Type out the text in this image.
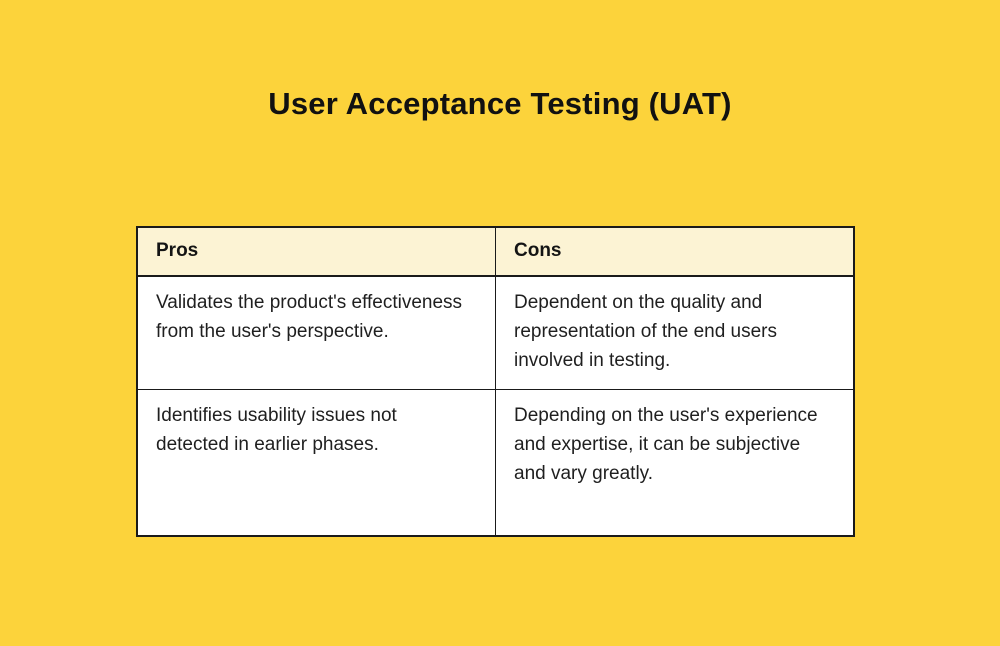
User Acceptance Testing (UAT)
Pros	Cons
Validates the product's effectiveness from the user's perspective.	Dependent on the quality and representation of the end users involved in testing.
Identifies usability issues not detected in earlier phases.	Depending on the user's experience and expertise, it can be subjective and vary greatly.
